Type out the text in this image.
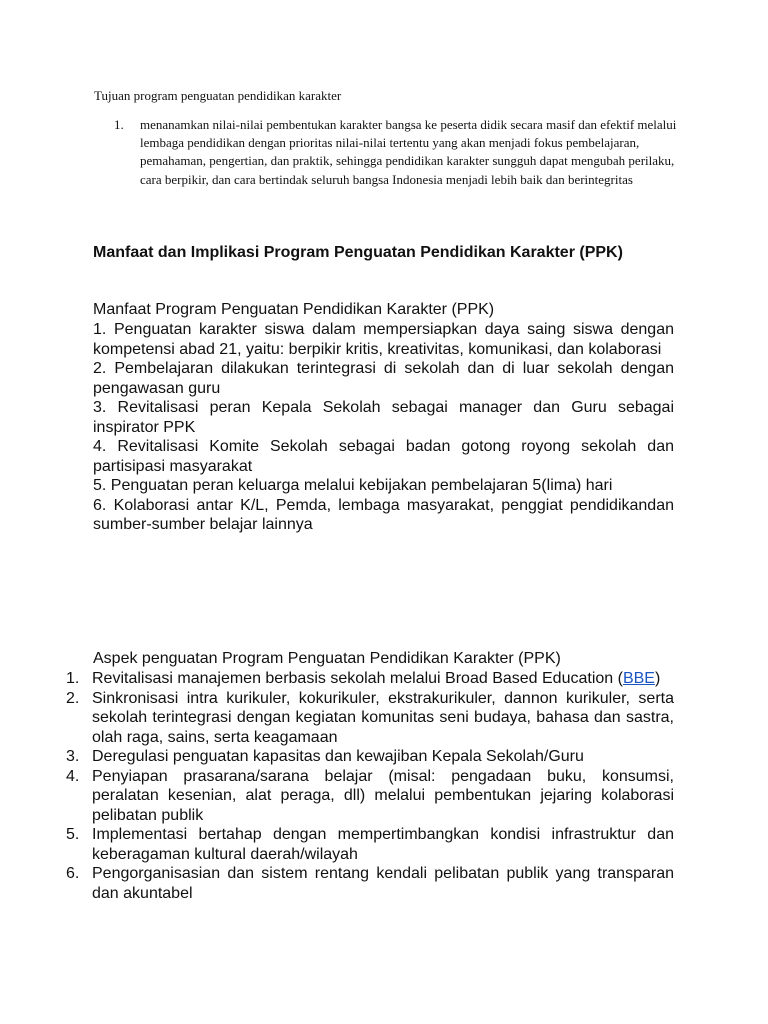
Tujuan program penguatan pendidikan karakter
1. menanamkan nilai-nilai pembentukan karakter bangsa ke peserta didik secara masif dan efektif melalui lembaga pendidikan dengan prioritas nilai-nilai tertentu yang akan menjadi fokus pembelajaran, pemahaman, pengertian, dan praktik, sehingga pendidikan karakter sungguh dapat mengubah perilaku, cara berpikir, dan cara bertindak seluruh bangsa Indonesia menjadi lebih baik dan berintegritas
Manfaat dan Implikasi Program Penguatan Pendidikan Karakter (PPK)
Manfaat Program Penguatan Pendidikan Karakter (PPK)
1. Penguatan karakter siswa dalam mempersiapkan daya saing siswa dengan kompetensi abad 21, yaitu: berpikir kritis, kreativitas, komunikasi, dan kolaborasi
2. Pembelajaran dilakukan terintegrasi di sekolah dan di luar sekolah dengan pengawasan guru
3. Revitalisasi peran Kepala Sekolah sebagai manager dan Guru sebagai inspirator PPK
4. Revitalisasi Komite Sekolah sebagai badan gotong royong sekolah dan partisipasi masyarakat
5. Penguatan peran keluarga melalui kebijakan pembelajaran 5(lima) hari
6. Kolaborasi antar K/L, Pemda, lembaga masyarakat, penggiat pendidikandan sumber-sumber belajar lainnya
Aspek penguatan Program Penguatan Pendidikan Karakter (PPK)
1. Revitalisasi manajemen berbasis sekolah melalui Broad Based Education (BBE)
2. Sinkronisasi intra kurikuler, kokurikuler, ekstrakurikuler, dannon kurikuler, serta sekolah terintegrasi dengan kegiatan komunitas seni budaya, bahasa dan sastra, olah raga, sains, serta keagamaan
3. Deregulasi penguatan kapasitas dan kewajiban Kepala Sekolah/Guru
4. Penyiapan prasarana/sarana belajar (misal: pengadaan buku, konsumsi, peralatan kesenian, alat peraga, dll) melalui pembentukan jejaring kolaborasi pelibatan publik
5. Implementasi bertahap dengan mempertimbangkan kondisi infrastruktur dan keberagaman kultural daerah/wilayah
6. Pengorganisasian dan sistem rentang kendali pelibatan publik yang transparan dan akuntabel
